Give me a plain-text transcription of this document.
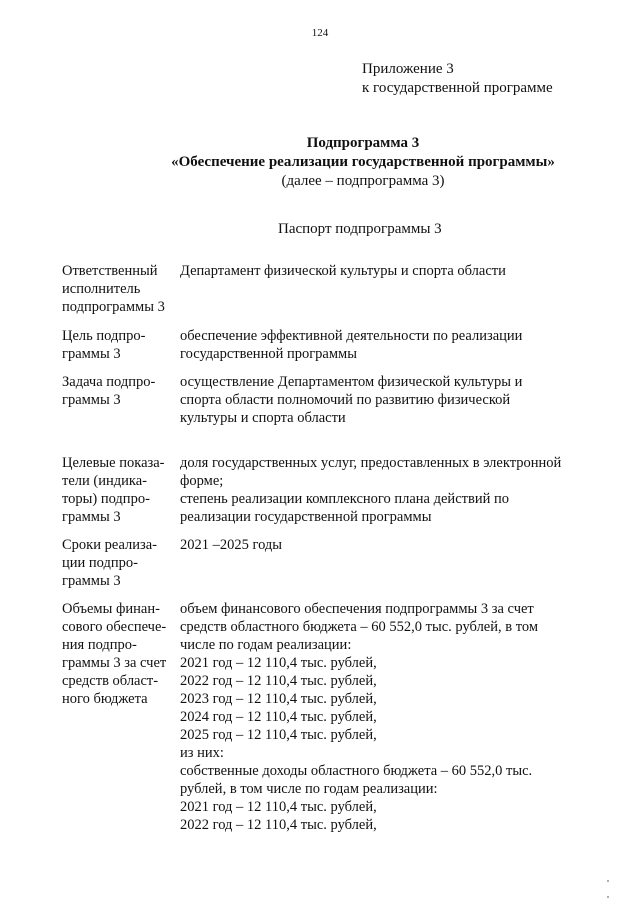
124
Приложение 3
к государственной программе
Подпрограмма 3
«Обеспечение реализации государственной программы»
(далее – подпрограмма 3)
Паспорт подпрограммы 3
Ответственный
исполнитель
подпрограммы 3
Департамент физической культуры и спорта области
Цель подпро-
граммы 3
обеспечение эффективной деятельности по реализации
государственной программы
Задача подпро-
граммы 3
осуществление Департаментом физической культуры и
спорта области полномочий по развитию физической
культуры и спорта области
Целевые показа-
тели (индика-
торы) подпро-
граммы 3
доля государственных услуг, предоставленных в электронной
форме;
степень реализации комплексного плана действий по
реализации государственной программы
Сроки реализа-
ции подпро-
граммы 3
2021 –2025 годы
Объемы финан-
сового обеспече-
ния подпро-
граммы 3 за счет
средств област-
ного бюджета
объем финансового обеспечения подпрограммы 3 за счет
средств областного бюджета – 60 552,0 тыс. рублей, в том
числе по годам реализации:
2021 год – 12 110,4 тыс. рублей,
2022 год – 12 110,4 тыс. рублей,
2023 год – 12 110,4 тыс. рублей,
2024 год – 12 110,4 тыс. рублей,
2025 год – 12 110,4 тыс. рублей,
из них:
собственные доходы областного бюджета – 60 552,0 тыс.
рублей, в том числе по годам реализации:
2021 год – 12 110,4 тыс. рублей,
2022 год – 12 110,4 тыс. рублей,
